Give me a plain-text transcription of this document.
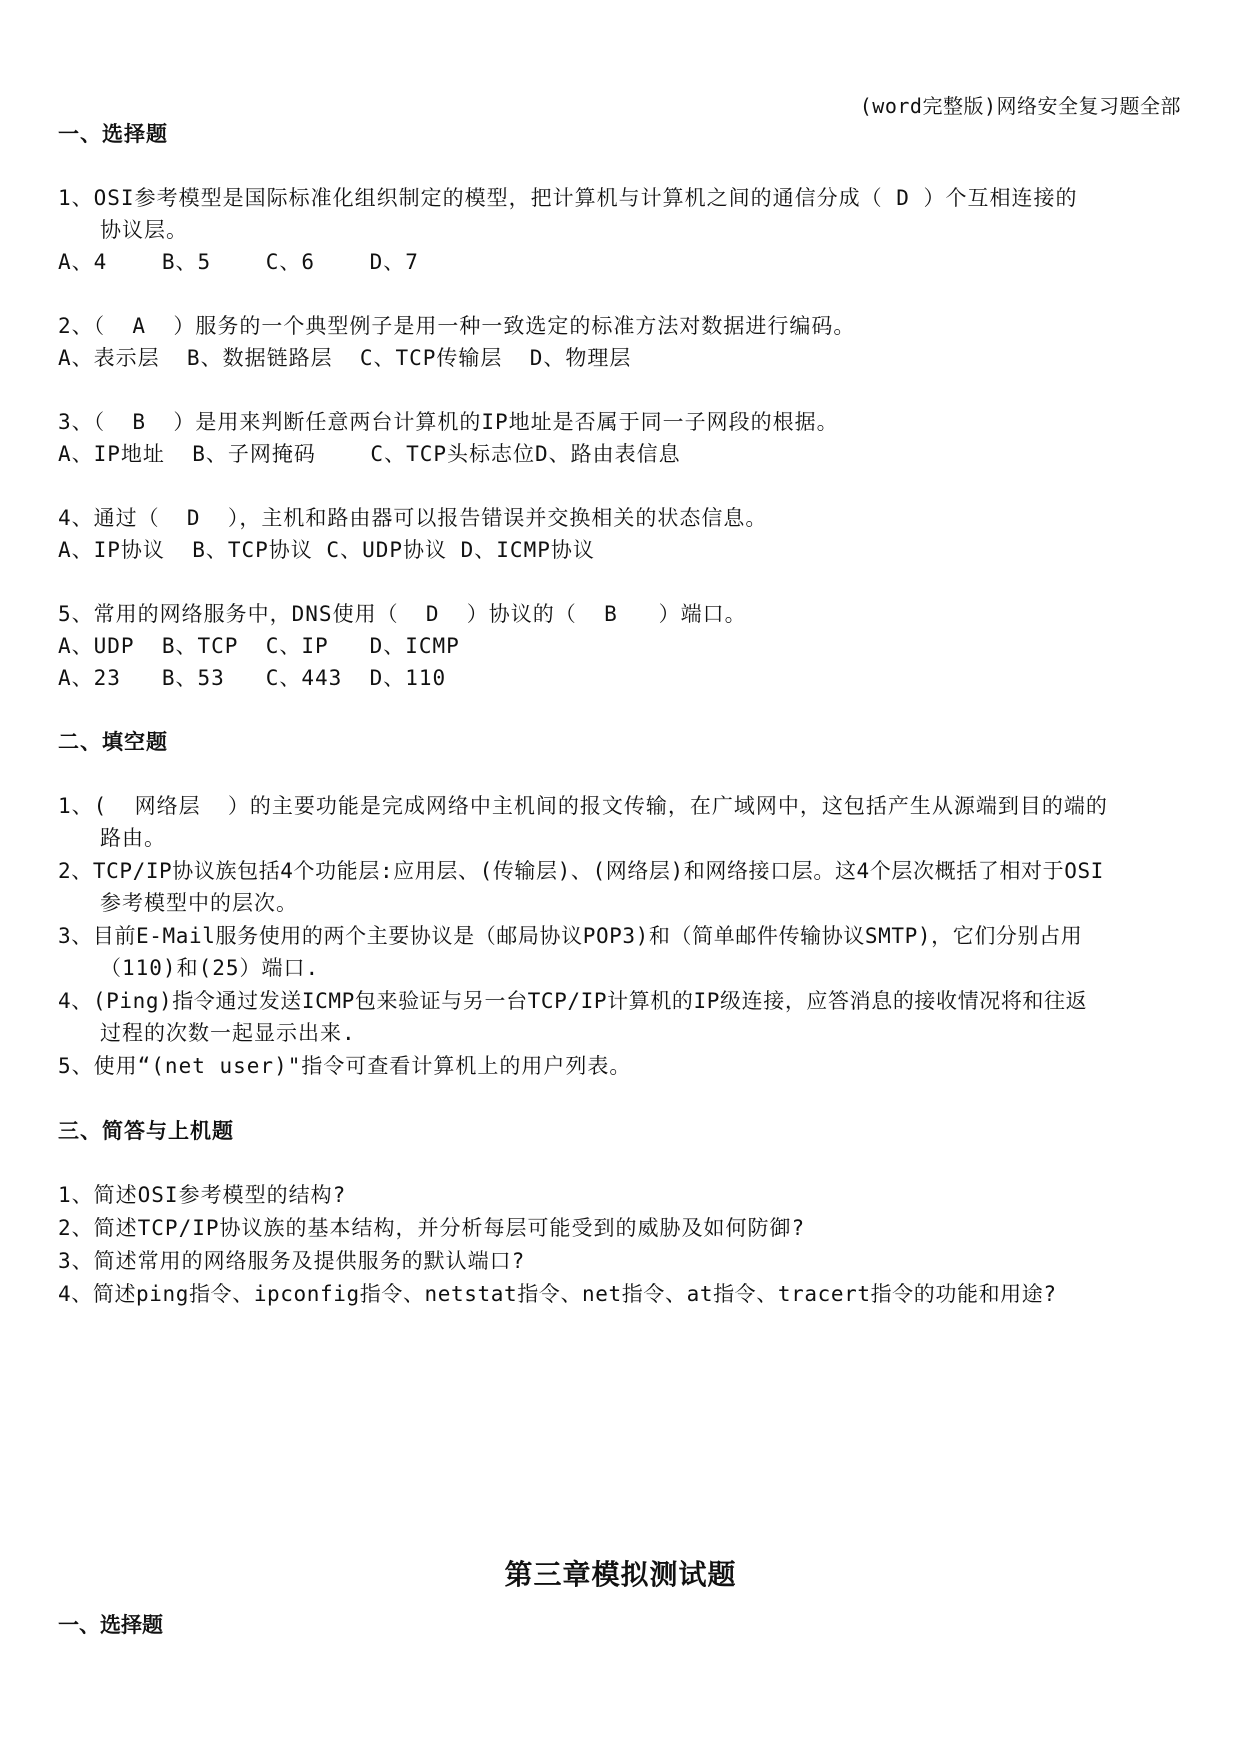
(word完整版)网络安全复习题全部
一、选择题
1、OSI参考模型是国际标准化组织制定的模型，把计算机与计算机之间的通信分成（ D ）个互相连接的
协议层。
A、4    B、5    C、6    D、7
2、（  A  ）服务的一个典型例子是用一种一致选定的标准方法对数据进行编码。
A、表示层  B、数据链路层  C、TCP传输层  D、物理层
3、（  B  ）是用来判断任意两台计算机的IP地址是否属于同一子网段的根据。
A、IP地址  B、子网掩码    C、TCP头标志位D、路由表信息
4、通过（  D  ），主机和路由器可以报告错误并交换相关的状态信息。
A、IP协议  B、TCP协议 C、UDP协议 D、ICMP协议
5、常用的网络服务中，DNS使用（  D  ）协议的（  B   ）端口。
A、UDP  B、TCP  C、IP   D、ICMP
A、23   B、53   C、443  D、110
二、填空题
1、(  网络层  ）的主要功能是完成网络中主机间的报文传输，在广域网中，这包括产生从源端到目的端的
路由。
2、TCP/IP协议族包括4个功能层:应用层、(传输层)、(网络层)和网络接口层。这4个层次概括了相对于OSI
参考模型中的层次。
3、目前E-Mail服务使用的两个主要协议是（邮局协议POP3)和（简单邮件传输协议SMTP)，它们分别占用
（110)和(25）端口.
4、(Ping)指令通过发送ICMP包来验证与另一台TCP/IP计算机的IP级连接，应答消息的接收情况将和往返
过程的次数一起显示出来.
5、使用“(net user)"指令可查看计算机上的用户列表。
三、简答与上机题
1、简述OSI参考模型的结构?
2、简述TCP/IP协议族的基本结构，并分析每层可能受到的威胁及如何防御?
3、简述常用的网络服务及提供服务的默认端口?
4、简述ping指令、ipconfig指令、netstat指令、net指令、at指令、tracert指令的功能和用途?
第三章模拟测试题
一、选择题
